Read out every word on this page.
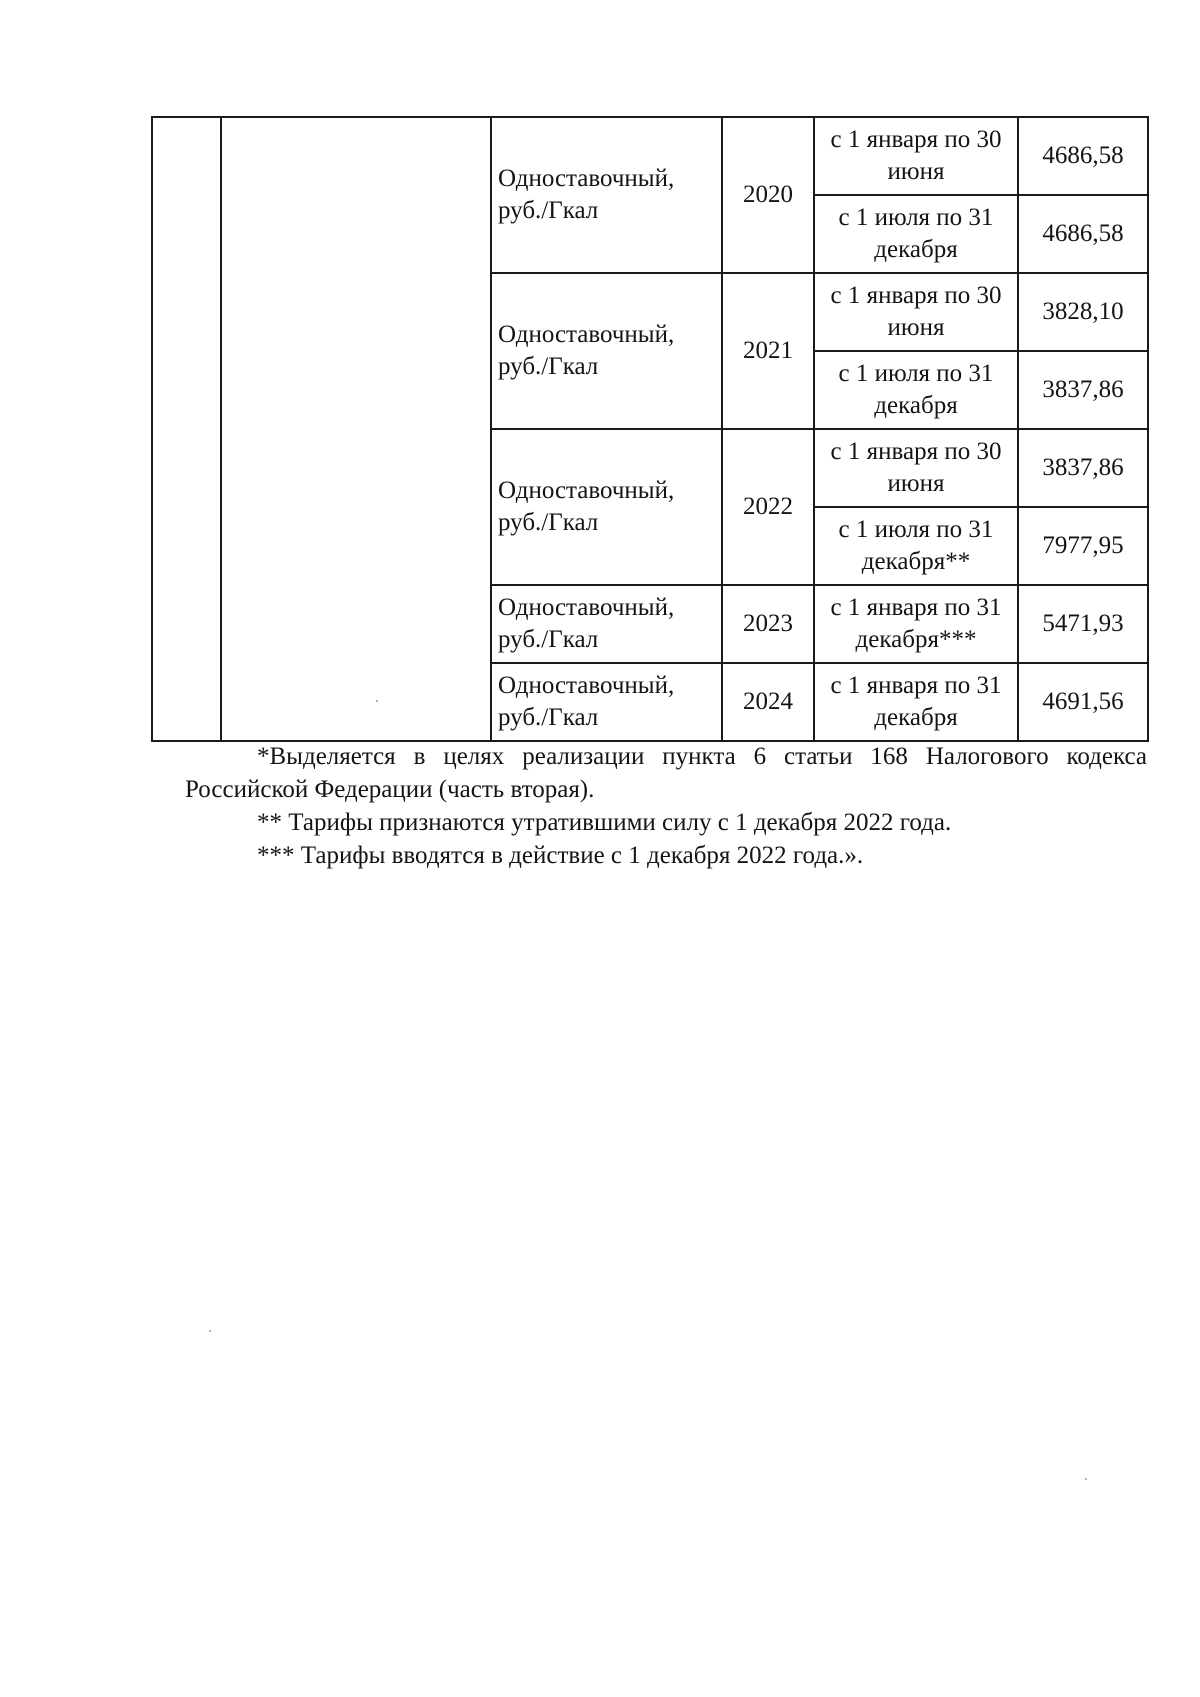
		Одноставочный, руб./Гкал	2020	с 1 января по 30 июня	4686,58
				с 1 июля по 31 декабря	4686,58
		Одноставочный, руб./Гкал	2021	с 1 января по 30 июня	3828,10
				с 1 июля по 31 декабря	3837,86
		Одноставочный, руб./Гкал	2022	с 1 января по 30 июня	3837,86
				с 1 июля по 31 декабря**	7977,95
		Одноставочный, руб./Гкал	2023	с 1 января по 31 декабря***	5471,93
		Одноставочный, руб./Гкал	2024	с 1 января по 31 декабря	4691,56

*Выделяется в целях реализации пункта 6 статьи 168 Налогового кодекса Российской Федерации (часть вторая).

** Тарифы признаются утратившими силу с 1 декабря 2022 года.

*** Тарифы вводятся в действие с 1 декабря 2022 года.».
